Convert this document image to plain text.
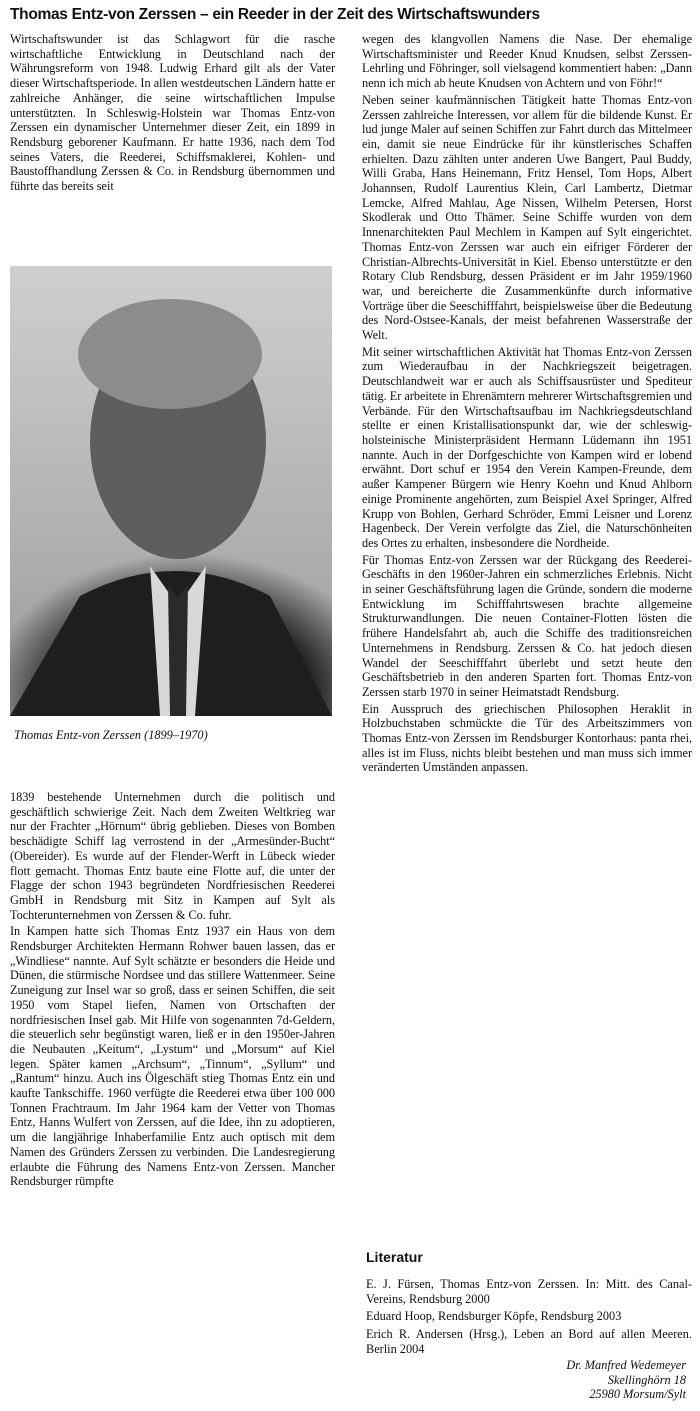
Thomas Entz-von Zerssen – ein Reeder in der Zeit des Wirtschaftswunders

Wirtschaftswunder ist das Schlagwort für die rasche wirtschaftliche Entwicklung in Deutschland nach der Währungsreform von 1948. Ludwig Erhard gilt als der Vater dieser Wirtschaftsperiode. In allen westdeutschen Ländern hatte er zahlreiche Anhänger, die seine wirtschaftlichen Impulse unterstützten. In Schleswig-Holstein war Thomas Entz-von Zerssen ein dynamischer Unternehmer dieser Zeit, ein 1899 in Rendsburg geborener Kaufmann. Er hatte 1936, nach dem Tod seines Vaters, die Reederei, Schiffsmaklerei, Kohlen- und Baustoffhandlung Zerssen & Co. in Rendsburg übernommen und führte das bereits seit

Thomas Entz-von Zerssen (1899–1970)

1839 bestehende Unternehmen durch die politisch und geschäftlich schwierige Zeit. Nach dem Zweiten Weltkrieg war nur der Frachter „Hörnum“ übrig geblieben. Dieses von Bomben beschädigte Schiff lag verrostend in der „Armesünder-Bucht“ (Obereider). Es wurde auf der Flender-Werft in Lübeck wieder flott gemacht. Thomas Entz baute eine Flotte auf, die unter der Flagge der schon 1943 begründeten Nordfriesischen Reederei GmbH in Rendsburg mit Sitz in Kampen auf Sylt als Tochterunternehmen von Zerssen & Co. fuhr.

In Kampen hatte sich Thomas Entz 1937 ein Haus von dem Rendsburger Architekten Hermann Rohwer bauen lassen, das er „Windliese“ nannte. Auf Sylt schätzte er besonders die Heide und Dünen, die stürmische Nordsee und das stillere Wattenmeer. Seine Zuneigung zur Insel war so groß, dass er seinen Schiffen, die seit 1950 vom Stapel liefen, Namen von Ortschaften der nordfriesischen Insel gab. Mit Hilfe von sogenannten 7d-Geldern, die steuerlich sehr begünstigt waren, ließ er in den 1950er-Jahren die Neubauten „Keitum“, „Lystum“ und „Morsum“ auf Kiel legen. Später kamen „Archsum“, „Tinnum“, „Syllum“ und „Rantum“ hinzu. Auch ins Ölgeschäft stieg Thomas Entz ein und kaufte Tankschiffe. 1960 verfügte die Reederei etwa über 100 000 Tonnen Frachtraum. Im Jahr 1964 kam der Vetter von Thomas Entz, Hanns Wulfert von Zerssen, auf die Idee, ihn zu adoptieren, um die langjährige Inhaberfamilie Entz auch optisch mit dem Namen des Gründers Zerssen zu verbinden. Die Landesregierung erlaubte die Führung des Namens Entz-von Zerssen. Mancher Rendsburger rümpfte

wegen des klangvollen Namens die Nase. Der ehemalige Wirtschaftsminister und Reeder Knud Knudsen, selbst Zerssen-Lehrling und Föhringer, soll vielsagend kommentiert haben: „Dann nenn ich mich ab heute Knudsen von Achtern und von Föhr!“

Neben seiner kaufmännischen Tätigkeit hatte Thomas Entz-von Zerssen zahlreiche Interessen, vor allem für die bildende Kunst. Er lud junge Maler auf seinen Schiffen zur Fahrt durch das Mittelmeer ein, damit sie neue Eindrücke für ihr künstlerisches Schaffen erhielten. Dazu zählten unter anderen Uwe Bangert, Paul Buddy, Willi Graba, Hans Heinemann, Fritz Hensel, Tom Hops, Albert Johannsen, Rudolf Laurentius Klein, Carl Lambertz, Dietmar Lemcke, Alfred Mahlau, Age Nissen, Wilhelm Petersen, Horst Skodlerak und Otto Thämer. Seine Schiffe wurden von dem Innenarchitekten Paul Mechlem in Kampen auf Sylt eingerichtet. Thomas Entz-von Zerssen war auch ein eifriger Förderer der Christian-Albrechts-Universität in Kiel. Ebenso unterstützte er den Rotary Club Rendsburg, dessen Präsident er im Jahr 1959/1960 war, und bereicherte die Zusammenkünfte durch informative Vorträge über die Seeschifffahrt, beispielsweise über die Bedeutung des Nord-Ostsee-Kanals, der meist befahrenen Wasserstraße der Welt.

Mit seiner wirtschaftlichen Aktivität hat Thomas Entz-von Zerssen zum Wiederaufbau in der Nachkriegszeit beigetragen. Deutschlandweit war er auch als Schiffsausrüster und Spediteur tätig. Er arbeitete in Ehrenämtern mehrerer Wirtschaftsgremien und Verbände. Für den Wirtschaftsaufbau im Nachkriegsdeutschland stellte er einen Kristallisationspunkt dar, wie der schleswig-holsteinische Ministerpräsident Hermann Lüdemann ihn 1951 nannte. Auch in der Dorfgeschichte von Kampen wird er lobend erwähnt. Dort schuf er 1954 den Verein Kampen-Freunde, dem außer Kampener Bürgern wie Henry Koehn und Knud Ahlborn einige Prominente angehörten, zum Beispiel Axel Springer, Alfred Krupp von Bohlen, Gerhard Schröder, Emmi Leisner und Lorenz Hagenbeck. Der Verein verfolgte das Ziel, die Naturschönheiten des Ortes zu erhalten, insbesondere die Nordheide.

Für Thomas Entz-von Zerssen war der Rückgang des Reederei-Geschäfts in den 1960er-Jahren ein schmerzliches Erlebnis. Nicht in seiner Geschäftsführung lagen die Gründe, sondern die moderne Entwicklung im Schifffahrtswesen brachte allgemeine Strukturwandlungen. Die neuen Container-Flotten lösten die frühere Handelsfahrt ab, auch die Schiffe des traditionsreichen Unternehmens in Rendsburg. Zerssen & Co. hat jedoch diesen Wandel der Seeschifffahrt überlebt und setzt heute den Geschäftsbetrieb in den anderen Sparten fort. Thomas Entz-von Zerssen starb 1970 in seiner Heimatstadt Rendsburg.

Ein Ausspruch des griechischen Philosophen Heraklit in Holzbuchstaben schmückte die Tür des Arbeitszimmers von Thomas Entz-von Zerssen im Rendsburger Kontorhaus: panta rhei, alles ist im Fluss, nichts bleibt bestehen und man muss sich immer veränderten Umständen anpassen.

Literatur

E. J. Fürsen, Thomas Entz-von Zerssen. In: Mitt. des Canal-Vereins, Rendsburg 2000

Eduard Hoop, Rendsburger Köpfe, Rendsburg 2003

Erich R. Andersen (Hrsg.), Leben an Bord auf allen Meeren. Berlin 2004

Dr. Manfred Wedemeyer
Skellinghörn 18
25980 Morsum/Sylt
